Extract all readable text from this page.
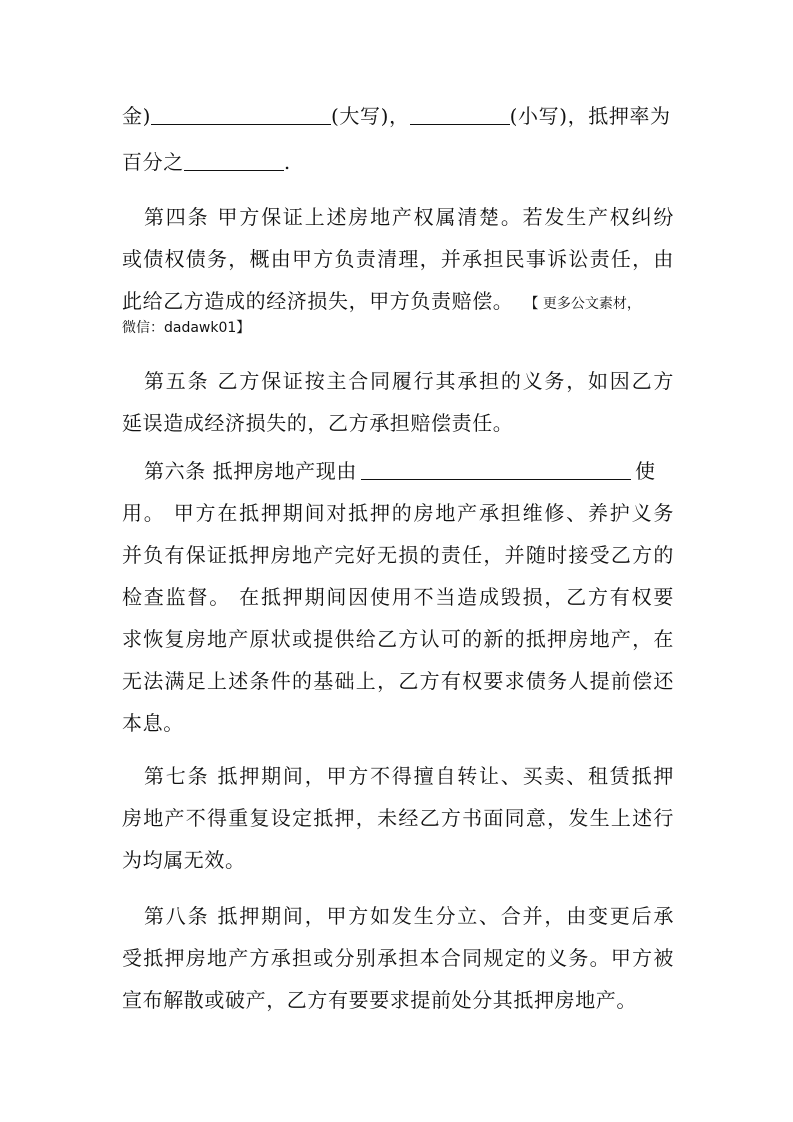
金)	(大写)，	(小写)，抵押率为
百分之	.
第四条 甲方保证上述房地产权属清楚。若发生产权纠纷
或债权债务，概由甲方负责清理，并承担民事诉讼责任，由
此给乙方造成的经济损失，甲方负责赔偿。 【 更多公文素材，
微信：dadawk01】
第五条 乙方保证按主合同履行其承担的义务，如因乙方
延误造成经济损失的，乙方承担赔偿责任。
第六条 抵押房地产现由	使
用。 甲方在抵押期间对抵押的房地产承担维修、养护义务
并负有保证抵押房地产完好无损的责任，并随时接受乙方的
检查监督。 在抵押期间因使用不当造成毁损，乙方有权要
求恢复房地产原状或提供给乙方认可的新的抵押房地产，在
无法满足上述条件的基础上，乙方有权要求债务人提前偿还
本息。
第七条 抵押期间，甲方不得擅自转让、买卖、租赁抵押
房地产不得重复设定抵押，未经乙方书面同意，发生上述行
为均属无效。
第八条 抵押期间，甲方如发生分立、合并，由变更后承
受抵押房地产方承担或分别承担本合同规定的义务。甲方被
宣布解散或破产，乙方有要要求提前处分其抵押房地产。
